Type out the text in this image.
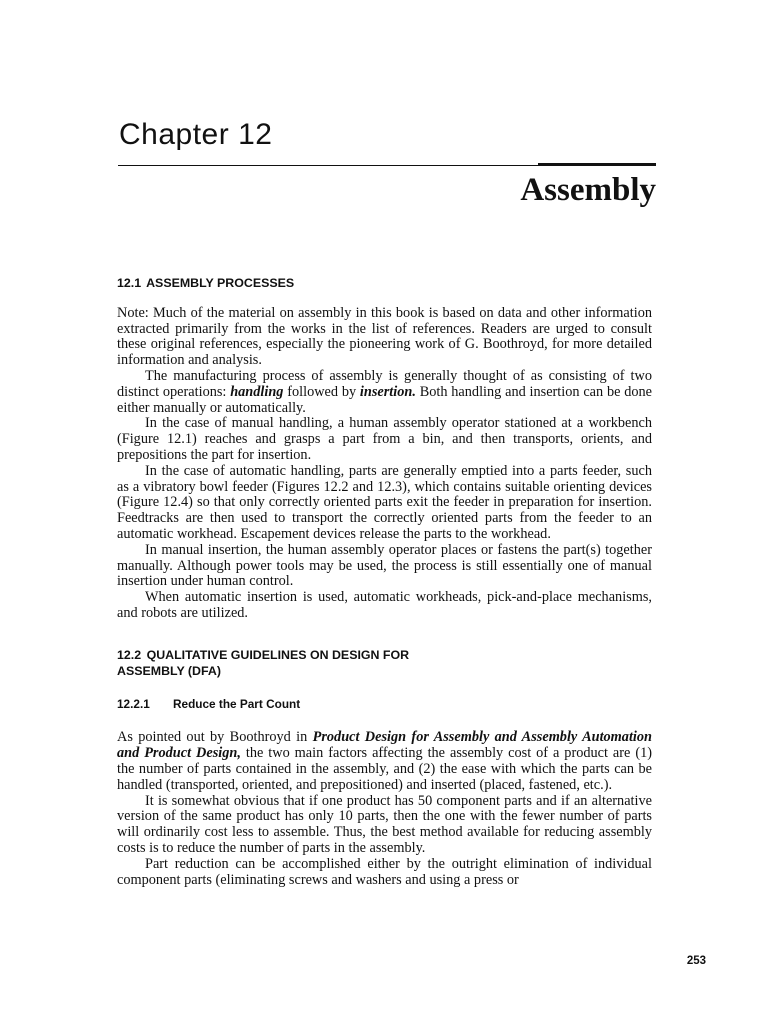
Chapter 12
Assembly
12.1 ASSEMBLY PROCESSES

Note: Much of the material on assembly in this book is based on data and other information extracted primarily from the works in the list of references. Readers are urged to consult these original references, especially the pioneering work of G. Boothroyd, for more detailed information and analysis.

The manufacturing process of assembly is generally thought of as consisting of two distinct operations: handling followed by insertion. Both handling and insertion can be done either manually or automatically.

In the case of manual handling, a human assembly operator stationed at a workbench (Figure 12.1) reaches and grasps a part from a bin, and then transports, orients, and prepositions the part for insertion.

In the case of automatic handling, parts are generally emptied into a parts feeder, such as a vibratory bowl feeder (Figures 12.2 and 12.3), which contains suitable orienting devices (Figure 12.4) so that only correctly oriented parts exit the feeder in preparation for insertion. Feedtracks are then used to transport the correctly oriented parts from the feeder to an automatic workhead. Escapement devices release the parts to the workhead.

In manual insertion, the human assembly operator places or fastens the part(s) together manually. Although power tools may be used, the process is still essentially one of manual insertion under human control.

When automatic insertion is used, automatic workheads, pick-and-place mechanisms, and robots are utilized.

12.2 QUALITATIVE GUIDELINES ON DESIGN FOR
ASSEMBLY (DFA)
12.2.1 Reduce the Part Count

As pointed out by Boothroyd in Product Design for Assembly and Assembly Automation and Product Design, the two main factors affecting the assembly cost of a product are (1) the number of parts contained in the assembly, and (2) the ease with which the parts can be handled (transported, oriented, and prepositioned) and inserted (placed, fastened, etc.).

It is somewhat obvious that if one product has 50 component parts and if an alternative version of the same product has only 10 parts, then the one with the fewer number of parts will ordinarily cost less to assemble. Thus, the best method available for reducing assembly costs is to reduce the number of parts in the assembly.

Part reduction can be accomplished either by the outright elimination of individual component parts (eliminating screws and washers and using a press or

253
